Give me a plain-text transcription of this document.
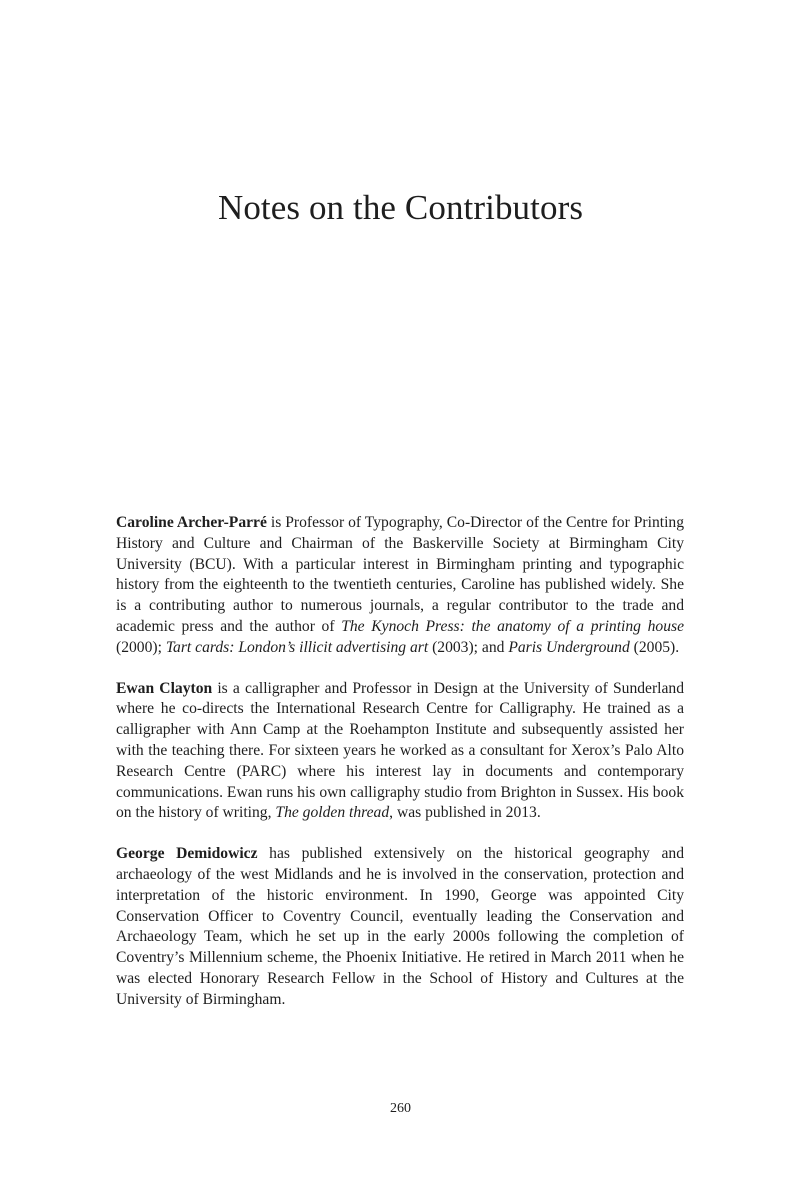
Notes on the Contributors

Caroline Archer-Parré is Professor of Typography, Co-Director of the Centre for Printing History and Culture and Chairman of the Baskerville Society at Birmingham City University (BCU). With a particular interest in Birmingham printing and typographic history from the eighteenth to the twentieth centuries, Caroline has published widely. She is a contributing author to numerous journals, a regular contributor to the trade and academic press and the author of The Kynoch Press: the anatomy of a printing house (2000); Tart cards: London’s illicit advertising art (2003); and Paris Underground (2005).

Ewan Clayton is a calligrapher and Professor in Design at the University of Sunderland where he co-directs the International Research Centre for Calligraphy. He trained as a calligrapher with Ann Camp at the Roehampton Institute and subsequently assisted her with the teaching there. For sixteen years he worked as a consultant for Xerox’s Palo Alto Research Centre (PARC) where his interest lay in documents and contemporary communications. Ewan runs his own calligraphy studio from Brighton in Sussex. His book on the history of writing, The golden thread, was published in 2013.

George Demidowicz has published extensively on the historical geography and archaeology of the west Midlands and he is involved in the conservation, protection and interpretation of the historic environment. In 1990, George was appointed City Conservation Officer to Coventry Council, eventually leading the Conservation and Archaeology Team, which he set up in the early 2000s following the completion of Coventry’s Millennium scheme, the Phoenix Initiative. He retired in March 2011 when he was elected Honorary Research Fellow in the School of History and Cultures at the University of Birmingham.

260
